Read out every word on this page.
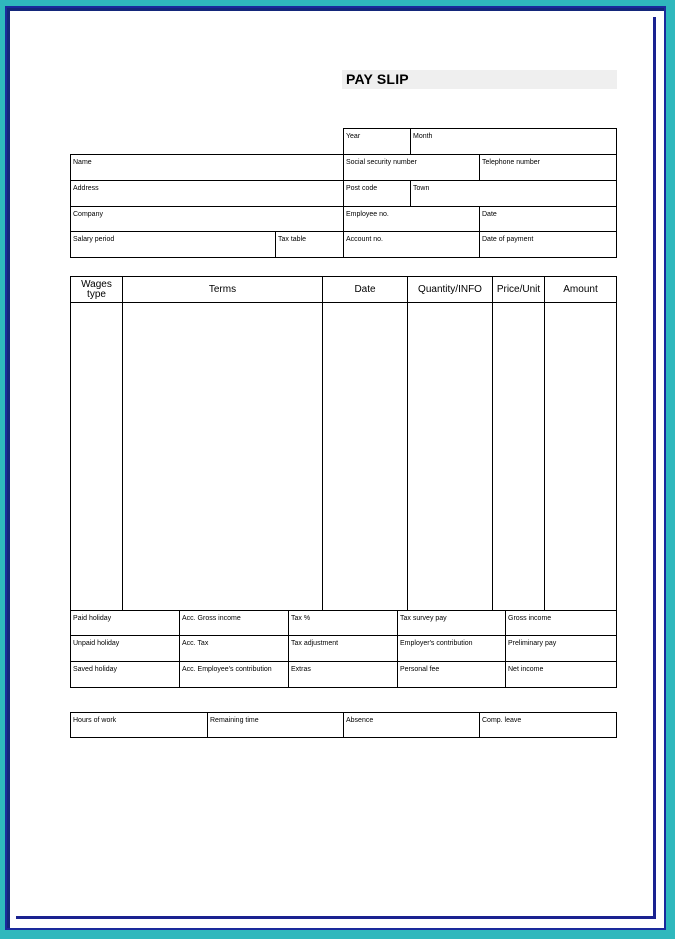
PAY SLIP
Year	Month
Name	Social security number	Telephone number
Address	Post code	Town
Company	Employee no.	Date
Salary period	Tax table	Account no.	Date of payment
Wages type	Terms	Date	Quantity/INFO	Price/Unit	Amount
Paid holiday	Acc. Gross income	Tax %	Tax survey pay	Gross income
Unpaid holiday	Acc. Tax	Tax adjustment	Employer's contribution	Preliminary pay
Saved holiday	Acc. Employee's contribution	Extras	Personal fee	Net income
Hours of work	Remaining time	Absence	Comp. leave
